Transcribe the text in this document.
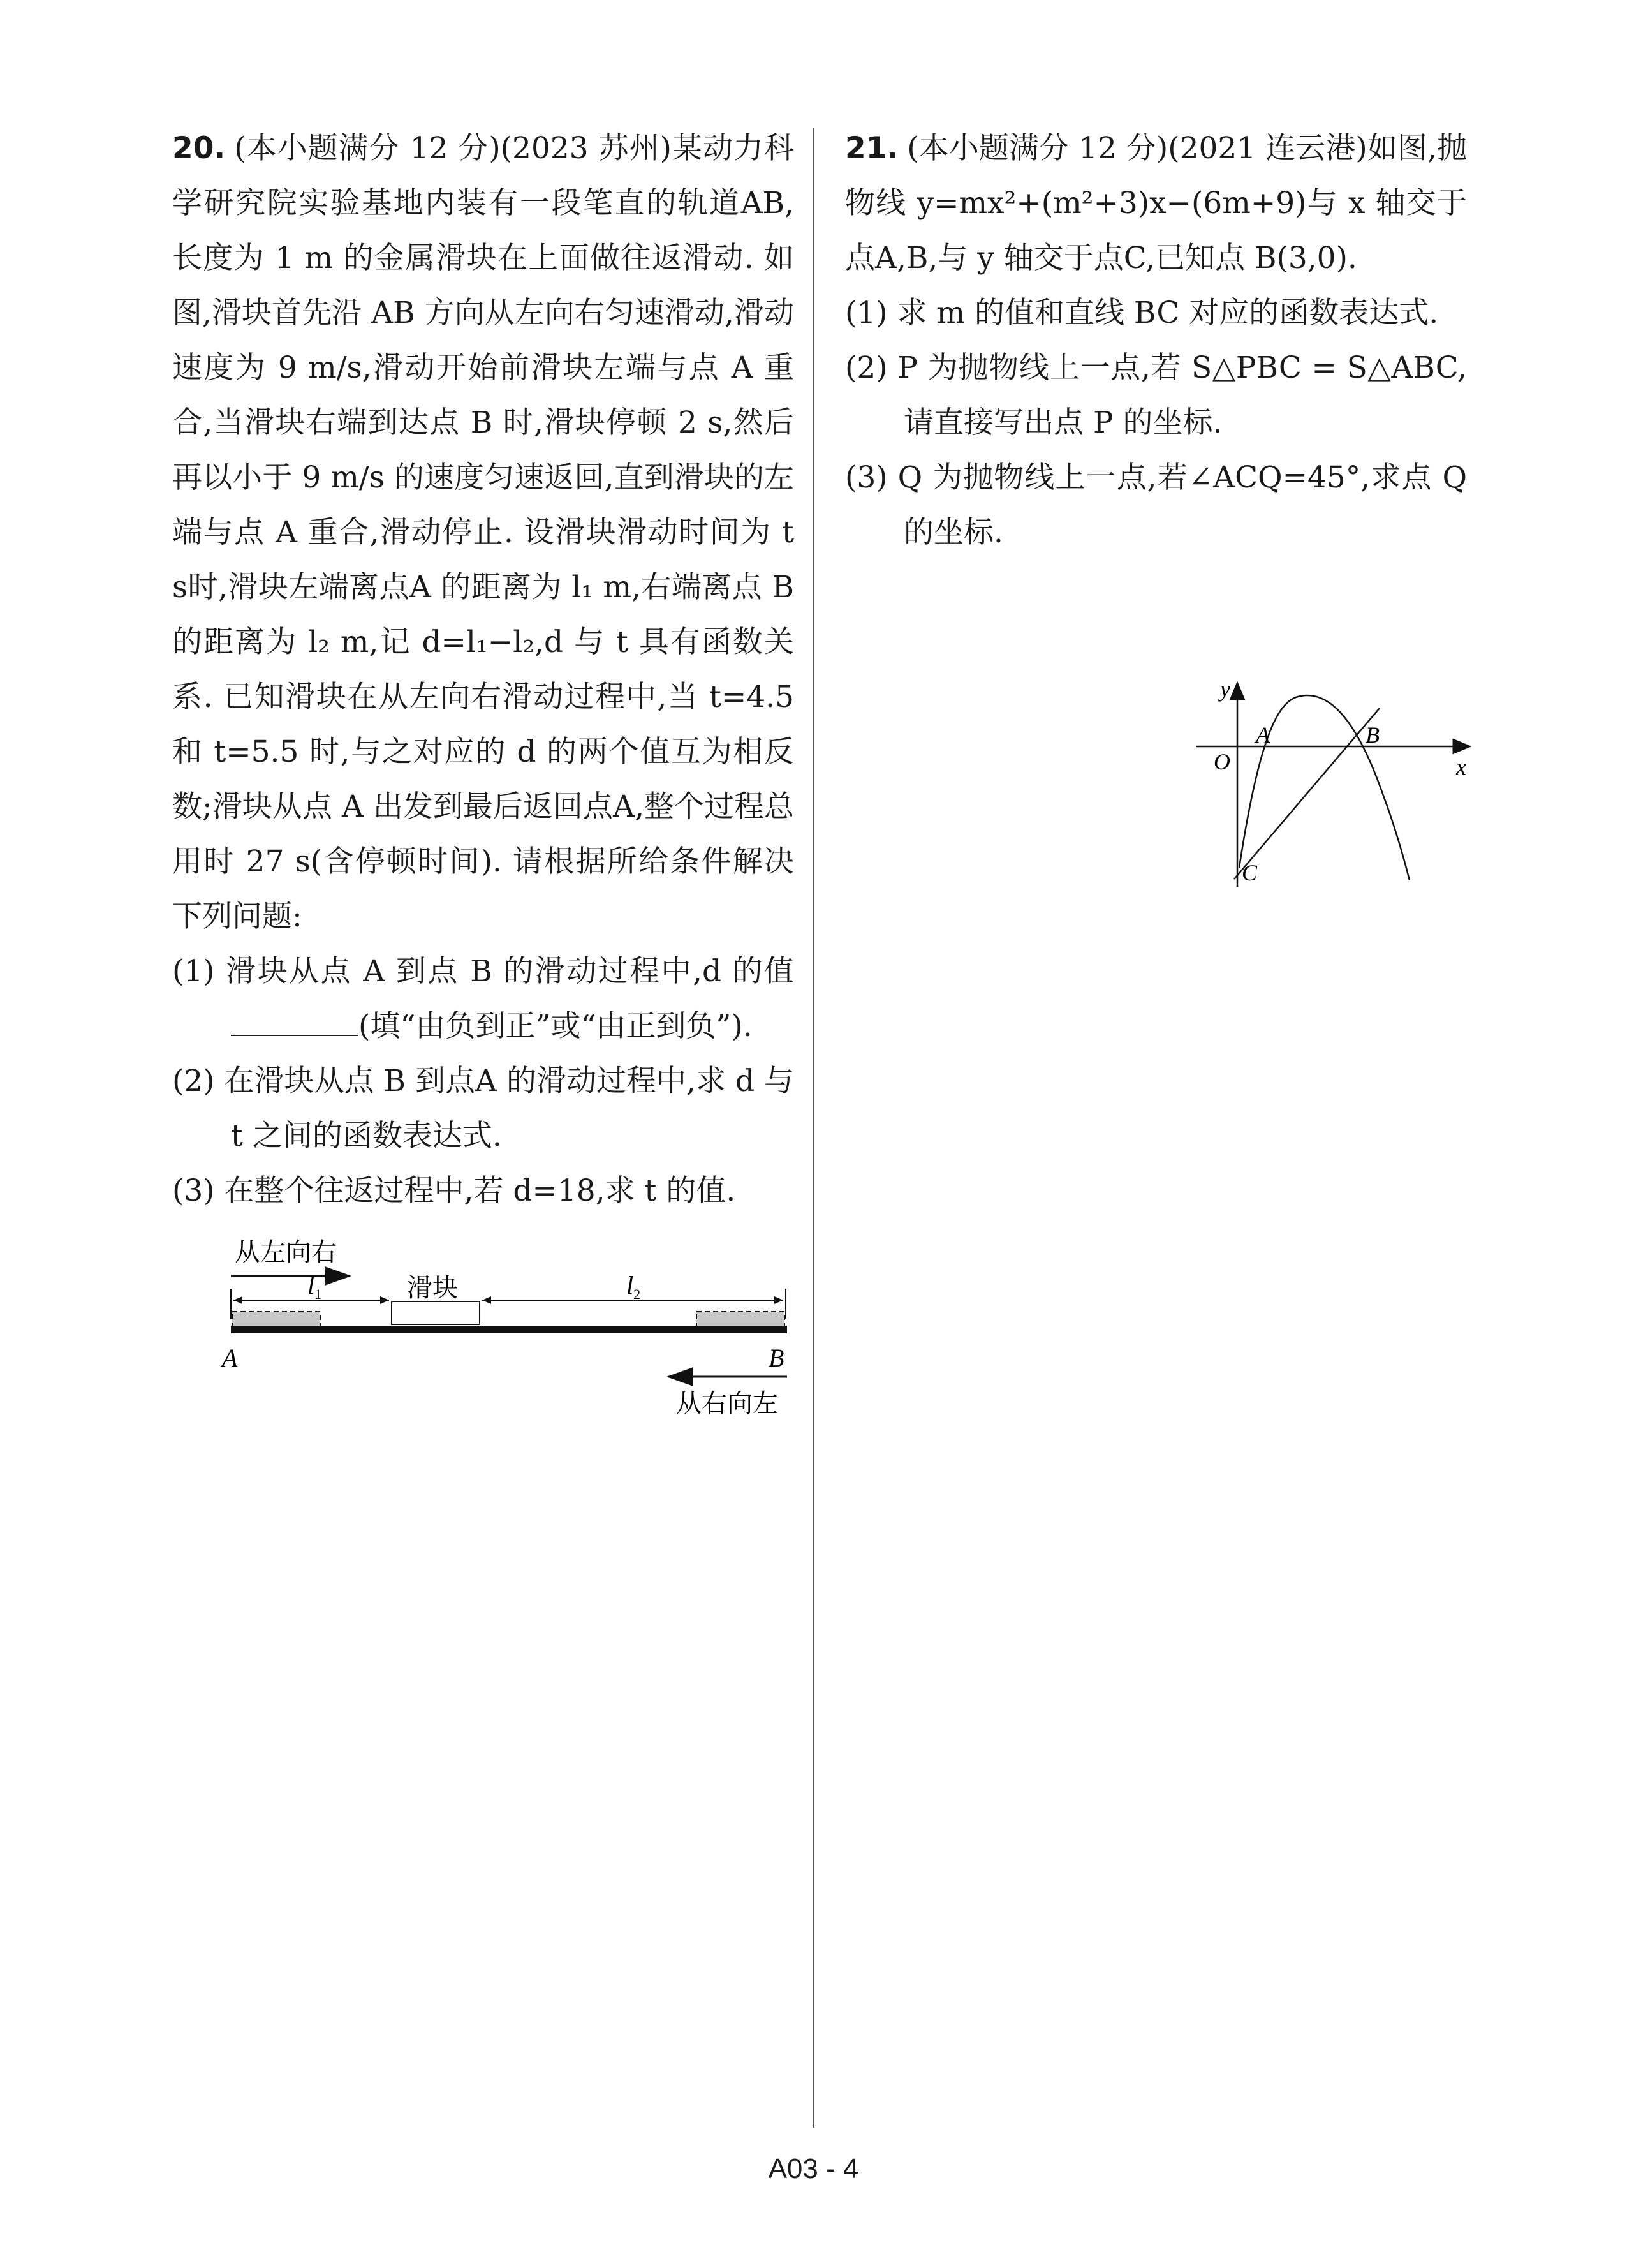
20. (本小题满分 12 分)(2023 苏州)某动力科学研究院实验基地内装有一段笔直的轨道AB,长度为 1 m 的金属滑块在上面做往返滑动. 如图,滑块首先沿 AB 方向从左向右匀速滑动,滑动速度为 9 m/s,滑动开始前滑块左端与点 A 重合,当滑块右端到达点 B 时,滑块停顿 2 s,然后再以小于 9 m/s 的速度匀速返回,直到滑块的左端与点 A 重合,滑动停止. 设滑块滑动时间为 t s时,滑块左端离点A 的距离为 l₁ m,右端离点 B 的距离为 l₂ m,记 d=l₁−l₂,d 与 t 具有函数关系. 已知滑块在从左向右滑动过程中,当 t=4.5 和 t=5.5 时,与之对应的 d 的两个值互为相反数;滑块从点 A 出发到最后返回点A,整个过程总用时 27 s(含停顿时间). 请根据所给条件解决下列问题:

(1) 滑块从点 A 到点 B 的滑动过程中,d 的值(填“由负到正”或“由正到负”).

(2) 在滑块从点 B 到点A 的滑动过程中,求 d 与 t 之间的函数表达式.

(3) 在整个往返过程中,若 d=18,求 t 的值.

从左向右
$l_1$	滑块	$l_2$
A	B
从右向左

21. (本小题满分 12 分)(2021 连云港)如图,抛物线 y=mx²+(m²+3)x−(6m+9)与 x 轴交于点A,B,与 y 轴交于点C,已知点 B(3,0).

(1) 求 m 的值和直线 BC 对应的函数表达式.

(2) P 为抛物线上一点,若 S△PBC = S△ABC,请直接写出点 P 的坐标.

(3) Q 为抛物线上一点,若∠ACQ=45°,求点 Q 的坐标.

y
x
O
A	B
C
A03 - 4
